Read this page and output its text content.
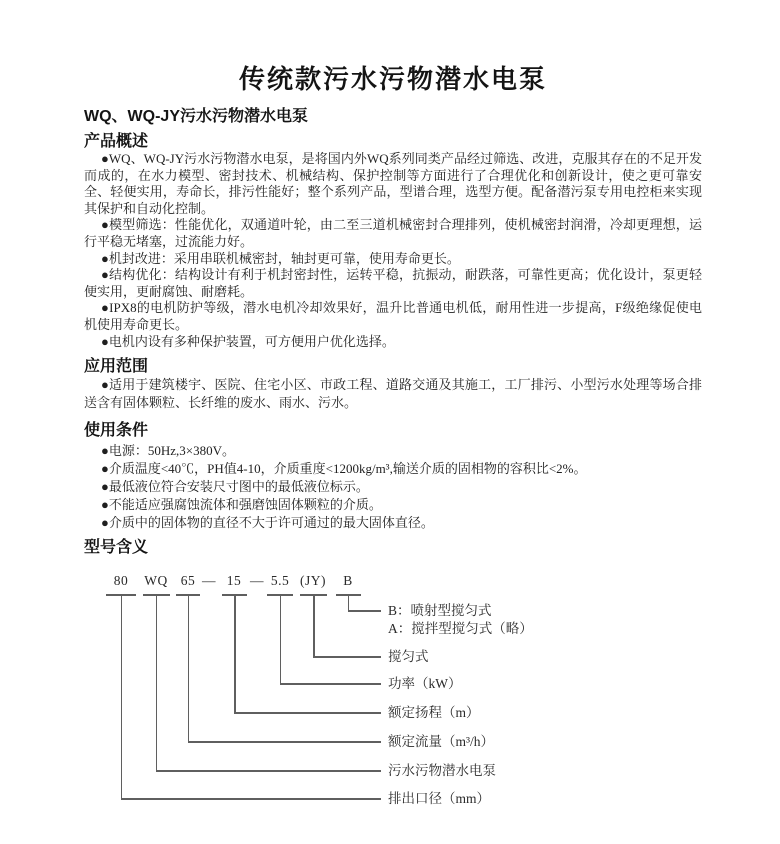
传统款污水污物潜水电泵
WQ、WQ-JY污水污物潜水电泵
产品概述

●WQ、WQ-JY污水污物潜水电泵，是将国内外WQ系列同类产品经过筛选、改进，克服其存在的不足开发而成的，在水力模型、密封技术、机械结构、保护控制等方面进行了合理优化和创新设计，使之更可靠安全、轻便实用，寿命长，排污性能好；整个系列产品，型谱合理，选型方便。配备潜污泵专用电控柜来实现其保护和自动化控制。

●模型筛选：性能优化，双通道叶轮，由二至三道机械密封合理排列，使机械密封润滑，冷却更理想，运行平稳无堵塞，过流能力好。

●机封改进：采用串联机械密封，轴封更可靠，使用寿命更长。

●结构优化：结构设计有利于机封密封性，运转平稳，抗振动，耐跌落，可靠性更高；优化设计，泵更轻便实用，更耐腐蚀、耐磨耗。

●IPX8的电机防护等级，潜水电机冷却效果好，温升比普通电机低，耐用性进一步提高，F级绝缘促使电机使用寿命更长。

●电机内设有多种保护装置，可方便用户优化选择。

应用范围

●适用于建筑楼宇、医院、住宅小区、市政工程、道路交通及其施工，工厂排污、小型污水处理等场合排送含有固体颗粒、长纤维的废水、雨水、污水。

使用条件

●电源：50Hz,3×380V。

●介质温度<40℃，PH值4-10，介质重度<1200kg/m³,输送介质的固相物的容积比<2%。

●最低液位符合安装尺寸图中的最低液位标示。

●不能适应强腐蚀流体和强磨蚀固体颗粒的介质。

●介质中的固体物的直径不大于许可通过的最大固体直径。

型号含义
80	WQ 65 — 15 — 5.5 (JY)	B
B：喷射型搅匀式
A：搅拌型搅匀式（略）
搅匀式
功率（kW）
额定扬程（m）
额定流量（m³/h）
污水污物潜水电泵
排出口径（mm）
